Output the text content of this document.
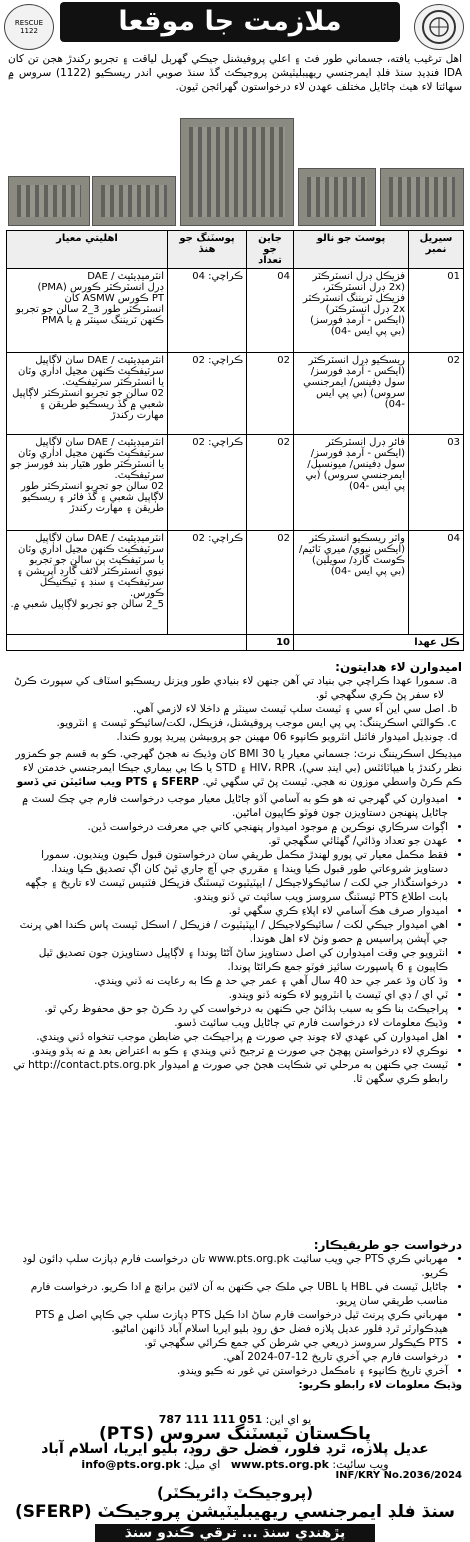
RESCUE 1122	ملازمت جا موقعا
اهل ترغيب يافته، جسماني طور فٽ ۽ اعلي پروفيشنل جيڪي گهربل لياقت ۽ تجربو رکندڙ هجن تن کان IDA فنڊيڊ سنڌ فلڊ ايمرجنسي ريهيبليٽيشن پروجيڪٽ گڏ سنڌ صوبي اندر ريسڪيو (1122) سروس ۾ سهائتا لاء هيٺ ڄاڻايل مختلف عهدن لاء درخواستون گهرائجن ٿيون.
سيريل نمبر	پوسٽ جو نالو	جاين جو تعداد	پوسٽنگ جو هنڌ	اهليتي معيار
01	فزيڪل ڊرل انسٽرڪٽر (2x ڊرل انسٽرڪٽر، فزيڪل ٽريننگ انسٽرڪٽر 2x ڊرل انسٽرڪٽر) (ايڪس - آرمڊ فورسز) (بي پي ايس -04)	04	ڪراچي: 04	انٽرميڊيئيٽ / DAE
ڊرل انسٽرڪٽر ڪورس (PMA)
PT ڪورس ASMW کان
انسٽرڪٽر طور 3_2 سالن جو تجربو ڪنهن ٽريننگ سينٽر ۾ يا PMA

02	ريسڪيو ڊرل انسٽرڪٽر (ايڪس - آرمڊ فورسز/ سول ڊفينس/ ايمرجنسي سروس) (بي پي ايس -04)	02	ڪراچي: 02	انٽرميڊيئيٽ / DAE سان لاڳاپيل سرٽيفڪيٽ ڪنهن مڃيل اداري وٽان يا انسٽرڪٽر سرٽيفڪيٽ.
02 سالن جو تجربو انسٽرڪٽر لاڳاپيل شعبي ۾ گڏ ريسڪيو طريقن ۽ مهارت رکندڙ

03	فائر ڊرل انسٽرڪٽر (ايڪس - آرمڊ فورسز/ سول ڊفينس/ ميونسپل/ ايمرجنسي سروس) (بي پي ايس -04)	02	ڪراچي: 02	انٽرميڊيئيٽ / DAE سان لاڳاپيل سرٽيفڪيٽ ڪنهن مڃيل اداري وٽان يا انسٽرڪٽر طور هٿيار بند فورسز جو سرٽيفڪيٽ.
02 سالن جو تجربو انسٽرڪٽر طور لاڳاپيل شعبي ۽ گڏ فائر ۽ ريسڪيو طريقن ۽ مهارت رکندڙ

04	واٽر ريسڪيو انسٽرڪٽر (ايڪس نيوي/ ميري ٽائيم/ ڪوسٽ گارڊ/ سويلين) (بي پي ايس -04)	02	ڪراچي: 02	انٽرميڊيئيٽ / DAE سان لاڳاپيل سرٽيفڪيٽ ڪنهن مڃيل اداري وٽان يا سرٽيفڪيٽ ٻن سالن جو تجربو نيوي انسٽرڪٽر لائف گارڊ آپريشن ۽ سرٽيفڪيٽ ۽ سنڊ ۽ ٽيڪنيڪل ڪورس.
5_2 سالن جو تجربو لاڳاپيل شعبي ۾.

ڪل عهدا		10		
اميدوارن لاء هدايتون:
a. سمورا عهدا ڪراچي جي بنياد تي آهن جنهن لاء بنيادي طور ويزنل ريسڪيو اسٽاف کي سپورٽ ڪرڻ لاء سفر پڻ ڪري سگهجي ٿو.
b. اصل سي اين آء سي ۽ ٽيسٽ سلپ ٽيسٽ سينٽر ۾ داخلا لاء لازمي آهي.
c. ڪوالٽي اسڪريننگ: پي پي ايس موجب پروفيشنل، فزيڪل، لکت/سائيڪو ٽيسٽ ۽ انٽرويو.
d. چونڊيل اميدوار فائنل انٽرويو ڪانپوء 06 مهينن جو پروبيشن پيريڊ پورو ڪندا.
ميڊيڪل اسڪريننگ نرٽ: جسماني معيار يا 30 BMI کان وڌيڪ نه هجڻ گهرجي. ڪو به قسم جو ڪمزور نظر رکندڙ يا هيپاٽائٽس (بي اينڊ سي)، HIV، RPR ۽ STD يا ڪا ٻي بيماري جيڪا ايمرجنسي خدمتن لاء ڪم ڪرڻ واسطي موزون نه هجي. ٽيسٽ پڻ ٿي سگهي ٿي. SFERP ۽ PTS ويب سائيٽن تي ڏسو
• اميدوارن کي گهرجي ته هو ڪو به آسامي آڏو ڄاڻايل معيار موجب درخواست فارم جي چڪ لسٽ ۾ ڄاڻايل پنهنجن دستاويزن جون فوٽو ڪاپيون اماڻين.
• اڳواٽ سرڪاري نوڪرين ۾ موجود اميدوار پنهنجي کاتي جي معرفت درخواست ڏين.
• عهدن جو تعداد وڌائي/ گهٽائي سگهجي ٿو.
• فقط مڪمل معيار تي پورو لهندڙ مڪمل طريقي سان درخواستون قبول ڪيون وينديون. سمورا دستاويز شروعاتي طور قبول ڪيا ويندا ۽ مقرري جي آڇ جاري ٿيڻ کان اڳ تصديق ڪيا ويندا.
• درخواستگذار جي لکت / سائيڪولاجيڪل / ايپٽيٽيوٽ ٽيسٽنگ فزيڪل فٽنيس ٽيسٽ لاء تاريخ ۽ جڳهه بابت اطلاع PTS ٽيسٽنگ سروسز ويب سائيٽ تي ڏنو ويندو.
• اميدوار صرف هڪ آسامي لاء اپلاءِ ڪري سگهي ٿو.
• اهي اميدوار جيڪي لکت / سائيڪولاجيڪل / ايپٽيٽيوٽ / فزيڪل / اسڪل ٽيسٽ پاس ڪندا اهي پرنٽ جي آپشن پراسيس ۾ حصو وٺڻ لاء اهل هوندا.
• انٽرويو جي وقت اميدوارن کي اصل دستاويز ساڻ آڻڻا پوندا ۽ لاڳاپيل دستاويزن جون تصديق ٿيل ڪاپيون ۽ 6 پاسپورٽ سائيز فوٽو جمع ڪرائڻا پوندا.
• وڌ کان وڌ عمر جي حد 40 سال آهي ۽ عمر جي حد ۾ ڪا به رعايت نه ڏني ويندي.
• ٽي اي / ڊي اي ٽيسٽ يا انٽرويو لاء ڪونه ڏنو ويندو.
• پراجيڪٽ بنا ڪو به سبب ٻڌائڻ جي ڪنهن به درخواست کي رد ڪرڻ جو حق محفوظ رکي ٿو.
• وڌيڪ معلومات لاء درخواست فارم تي ڄاڻايل ويب سائيٽ ڏسو.
• اهل اميدوارن کي عهدي لاء چونڊ جي صورت ۾ پراجيڪٽ جي ضابطن موجب تنخواه ڏني ويندي.
• نوڪري لاء درخواستن پهچڻ جي صورت ۾ ترجيح ڏني ويندي ۽ ڪو به اعتراض بعد ۾ نه ٻڌو ويندو.
• ٽيسٽ جي ڪنهن به مرحلي تي شڪايت هجڻ جي صورت ۾ اميدوار http://contact.pts.org.pk تي رابطو ڪري سگهن ٿا.
درخواست جو طريقيڪار:
• مهرباني ڪري PTS جي ويب سائيٽ www.pts.org.pk تان درخواست فارم ڊپازٽ سلپ ڊائون لوڊ ڪريو.
• ڄاڻايل ٽيسٽ في HBL يا UBL جي ملڪ جي ڪنهن به آن لائين برانچ ۾ ادا ڪريو. درخواست فارم مناسب طريقي سان ڀريو.
• مهرباني ڪري پرنٽ ٿيل درخواست فارم ساڻ ادا ڪيل PTS ڊپازٽ سلپ جي ڪاپي اصل ۾ PTS هيڊڪوارٽر ٿرڊ فلور عديل پلازه فضل حق روڊ بليو ايريا اسلام آباد ڏانهن اماڻيو.
• PTS ڪيڪولر سروسز ذريعي جي شرطن کي جمع ڪرائي سگهجي ٿو.
• درخواست فارم جي آخري تاريخ 12-07-2024 آهي.
• آخري تاريخ ڪانپوء ۽ نامڪمل درخواستن تي غور نه ڪيو ويندو.
وڌيڪ معلومات لاء رابطو ڪريو:
يو اي اين: 051 111 111 787
پاڪستان ٽيسٽنگ سروس (PTS)
عديل پلازه، ٿرڊ فلور، فضل حق روڊ، بليو ايريا، اسلام آباد
ويب سائيٽ: www.pts.org.pk   اي ميل: info@pts.org.pk
INF/KRY No.2036/2024
(پروجيڪٽ ڊائريڪٽر)
سنڌ فلڊ ايمرجنسي ريهيبليٽيشن پروجيڪٽ (SFERP)
پڙهندي سنڌ ... ترقي ڪندو سنڌ
